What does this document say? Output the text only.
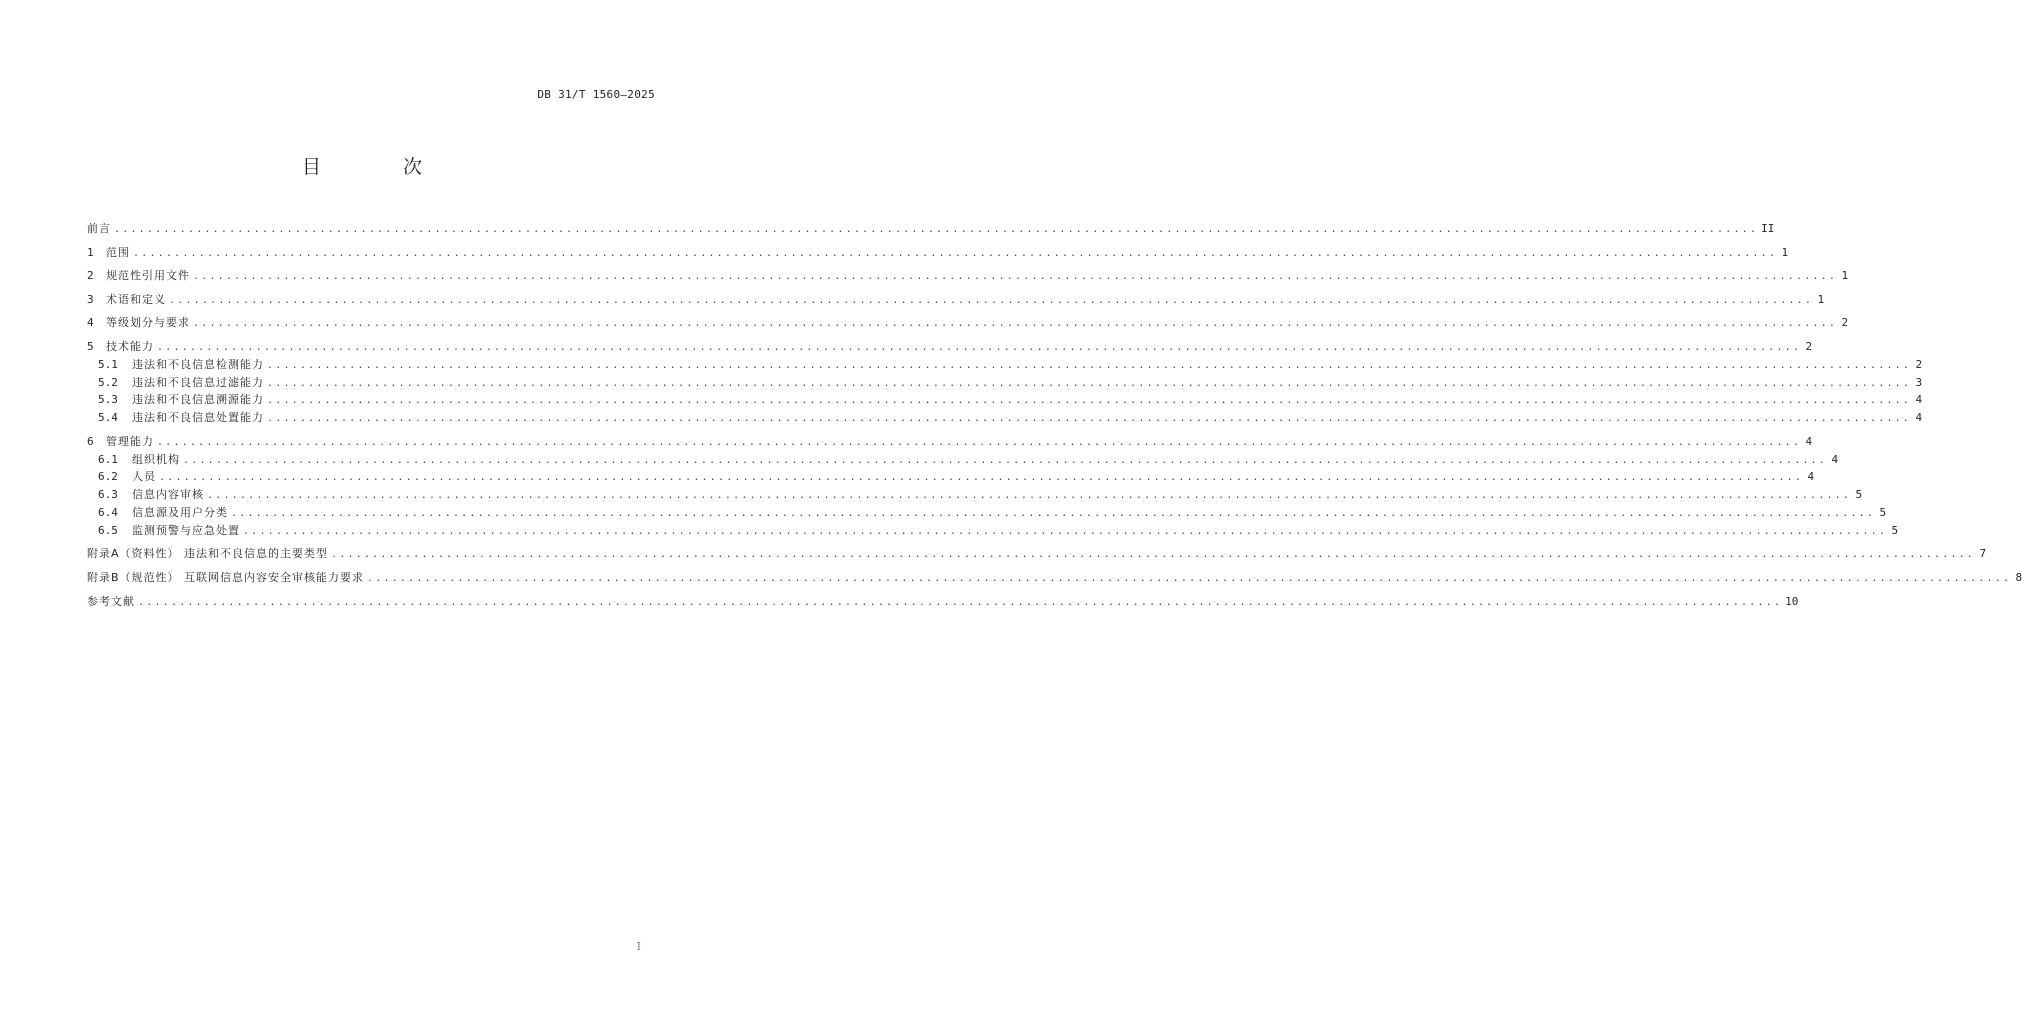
DB 31/T 1560—2025
目 次
前言 ........................................................................................................................................................................................................ II
1	范围 ........................................................................................................................................................................................................ 1
2	规范性引用文件 ........................................................................................................................................................................................................ 1
3	术语和定义 ........................................................................................................................................................................................................ 1
4	等级划分与要求 ........................................................................................................................................................................................................ 2
5	技术能力 ........................................................................................................................................................................................................ 2
5.1	违法和不良信息检测能力 ........................................................................................................................................................................................................ 2
5.2	违法和不良信息过滤能力 ........................................................................................................................................................................................................ 3
5.3	违法和不良信息溯源能力 ........................................................................................................................................................................................................ 4
5.4	违法和不良信息处置能力 ........................................................................................................................................................................................................ 4
6	管理能力 ........................................................................................................................................................................................................ 4
6.1	组织机构 ........................................................................................................................................................................................................ 4
6.2	人员 ........................................................................................................................................................................................................ 4
6.3	信息内容审核 ........................................................................................................................................................................................................ 5
6.4	信息源及用户分类 ........................................................................................................................................................................................................ 5
6.5	监测预警与应急处置 ........................................................................................................................................................................................................ 5
附录A（资料性） 违法和不良信息的主要类型 ........................................................................................................................................................................................................ 7
附录B（规范性） 互联网信息内容安全审核能力要求 ........................................................................................................................................................................................................ 8
参考文献 ........................................................................................................................................................................................................ 10
I
